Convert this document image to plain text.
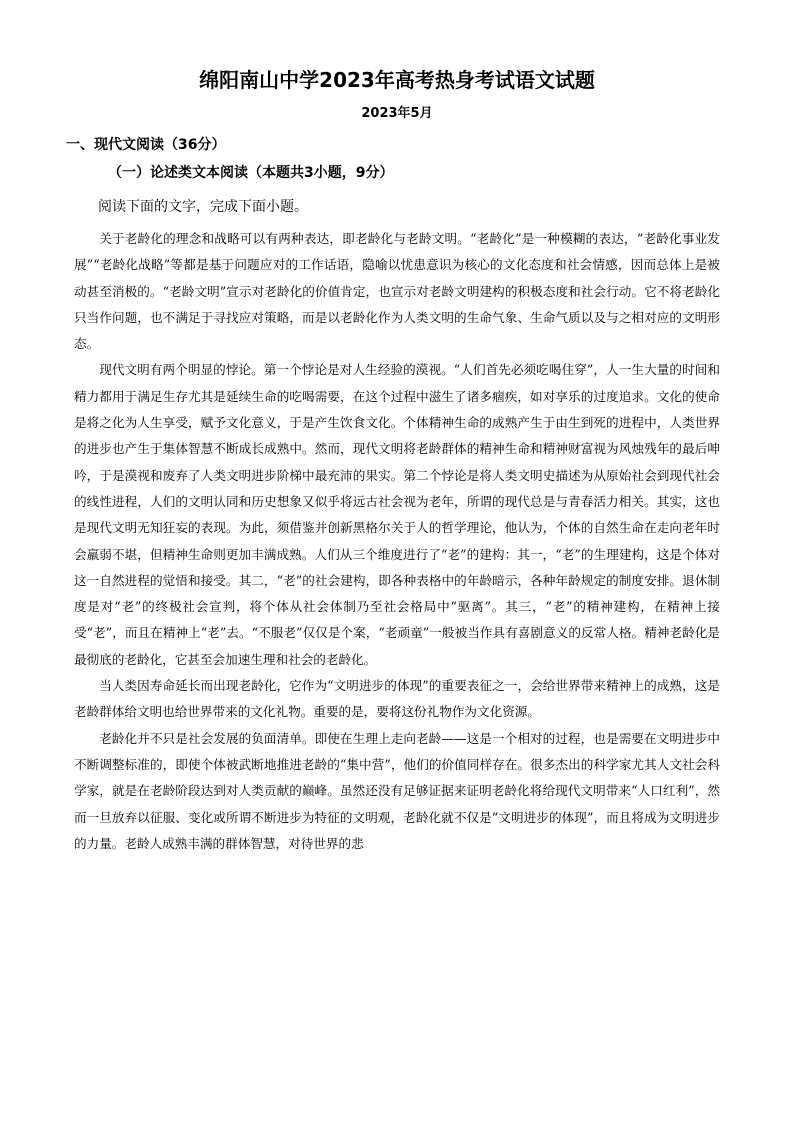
绵阳南山中学2023年高考热身考试语文试题
2023年5月
一、现代文阅读（36分）
（一）论述类文本阅读（本题共3小题，9分）
阅读下面的文字，完成下面小题。

关于老龄化的理念和战略可以有两种表达，即老龄化与老龄文明。“老龄化”是一种模糊的表达，“老龄化事业发展”“老龄化战略”等都是基于问题应对的工作话语，隐喻以忧患意识为核心的文化态度和社会情感，因而总体上是被动甚至消极的。“老龄文明”宣示对老龄化的价值肯定，也宣示对老龄文明建构的积极态度和社会行动。它不将老龄化只当作问题，也不满足于寻找应对策略，而是以老龄化作为人类文明的生命气象、生命气质以及与之相对应的文明形态。

现代文明有两个明显的悖论。第一个悖论是对人生经验的漠视。“人们首先必须吃喝住穿”，人一生大量的时间和精力都用于满足生存尤其是延续生命的吃喝需要，在这个过程中滋生了诸多痼疾，如对享乐的过度追求。文化的使命是将之化为人生享受，赋予文化意义，于是产生饮食文化。个体精神生命的成熟产生于由生到死的进程中，人类世界的进步也产生于集体智慧不断成长成熟中。然而，现代文明将老龄群体的精神生命和精神财富视为风烛残年的最后呻吟，于是漠视和废弃了人类文明进步阶梯中最充沛的果实。第二个悖论是将人类文明史描述为从原始社会到现代社会的线性进程，人们的文明认同和历史想象又似乎将远古社会视为老年，所谓的现代总是与青春活力相关。其实，这也是现代文明无知狂妄的表现。为此，须借鉴并创新黑格尔关于人的哲学理论，他认为，个体的自然生命在走向老年时会羸弱不堪，但精神生命则更加丰满成熟。人们从三个维度进行了“老”的建构：其一，“老”的生理建构，这是个体对这一自然进程的觉悟和接受。其二，“老”的社会建构，即各种表格中的年龄暗示，各种年龄规定的制度安排。退休制度是对“老”的终极社会宣判，将个体从社会体制乃至社会格局中“驱离”。其三，“老”的精神建构，在精神上接受“老”，而且在精神上“老”去。“不服老”仅仅是个案，“老顽童”一般被当作具有喜剧意义的反常人格。精神老龄化是最彻底的老龄化，它甚至会加速生理和社会的老龄化。

当人类因寿命延长而出现老龄化，它作为“文明进步的体现”的重要表征之一，会给世界带来精神上的成熟，这是老龄群体给文明也给世界带来的文化礼物。重要的是，要将这份礼物作为文化资源。

老龄化并不只是社会发展的负面清单。即使在生理上走向老龄——这是一个相对的过程，也是需要在文明进步中不断调整标准的，即使个体被武断地推进老龄的“集中营”，他们的价值同样存在。很多杰出的科学家尤其人文社会科学家，就是在老龄阶段达到对人类贡献的巅峰。虽然还没有足够证据来证明老龄化将给现代文明带来“人口红利”，然而一旦放弃以征服、变化或所谓不断进步为特征的文明观，老龄化就不仅是“文明进步的体现”，而且将成为文明进步的力量。老龄人成熟丰满的群体智慧，对待世界的悲
